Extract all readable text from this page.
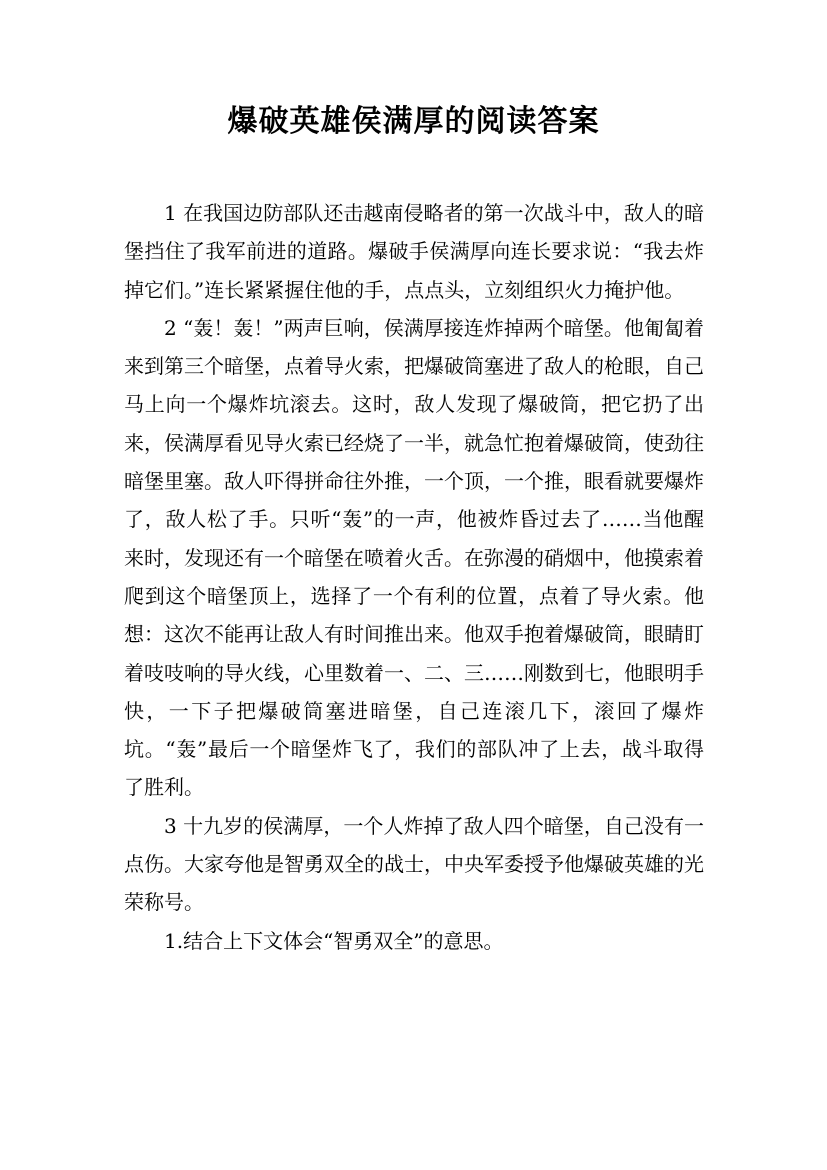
爆破英雄侯满厚的阅读答案

1 在我国边防部队还击越南侵略者的第一次战斗中，敌人的暗堡挡住了我军前进的道路。爆破手侯满厚向连长要求说：“我去炸掉它们。”连长紧紧握住他的手，点点头，立刻组织火力掩护他。

2 “轰！轰！”两声巨响，侯满厚接连炸掉两个暗堡。他匍匐着来到第三个暗堡，点着导火索，把爆破筒塞进了敌人的枪眼，自己马上向一个爆炸坑滚去。这时，敌人发现了爆破筒，把它扔了出来，侯满厚看见导火索已经烧了一半，就急忙抱着爆破筒，使劲往暗堡里塞。敌人吓得拼命往外推，一个顶，一个推，眼看就要爆炸了，敌人松了手。只听“轰”的一声，他被炸昏过去了……当他醒来时，发现还有一个暗堡在喷着火舌。在弥漫的硝烟中，他摸索着爬到这个暗堡顶上，选择了一个有利的位置，点着了导火索。他想：这次不能再让敌人有时间推出来。他双手抱着爆破筒，眼睛盯着吱吱响的导火线，心里数着一、二、三……刚数到七，他眼明手快，一下子把爆破筒塞进暗堡，自己连滚几下，滚回了爆炸坑。“轰”最后一个暗堡炸飞了，我们的部队冲了上去，战斗取得了胜利。

3 十九岁的侯满厚，一个人炸掉了敌人四个暗堡，自己没有一点伤。大家夸他是智勇双全的战士，中央军委授予他爆破英雄的光荣称号。

1.结合上下文体会“智勇双全”的意思。
